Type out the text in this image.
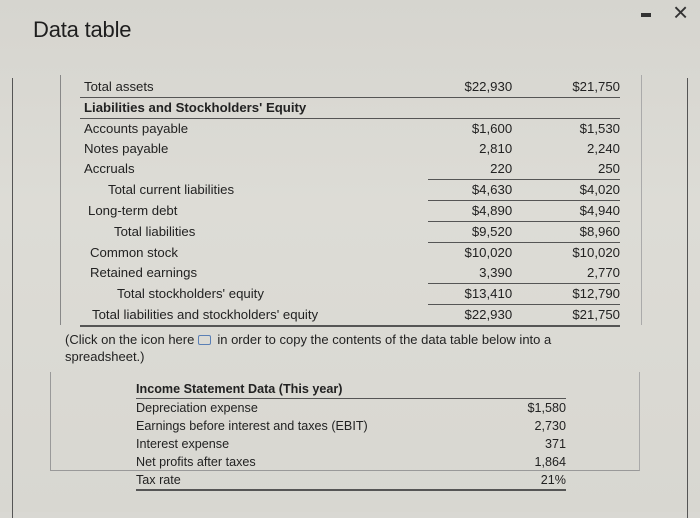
Data table
×
Total assets	$22,930	$21,750
Liabilities and Stockholders' Equity		
Accounts payable	$1,600	$1,530
Notes payable	2,810	2,240
Accruals	220	250
Total current liabilities	$4,630	$4,020
Long-term debt	$4,890	$4,940
Total liabilities	$9,520	$8,960
Common stock	$10,020	$10,020
Retained earnings	3,390	2,770
Total stockholders' equity	$13,410	$12,790
Total liabilities and stockholders' equity	$22,930	$21,750
(Click on the icon here in order to copy the contents of the data table below into a spreadsheet.)
Income Statement Data (This year)	
Depreciation expense	$1,580
Earnings before interest and taxes (EBIT)	2,730
Interest expense	371
Net profits after taxes	1,864
Tax rate	21%
